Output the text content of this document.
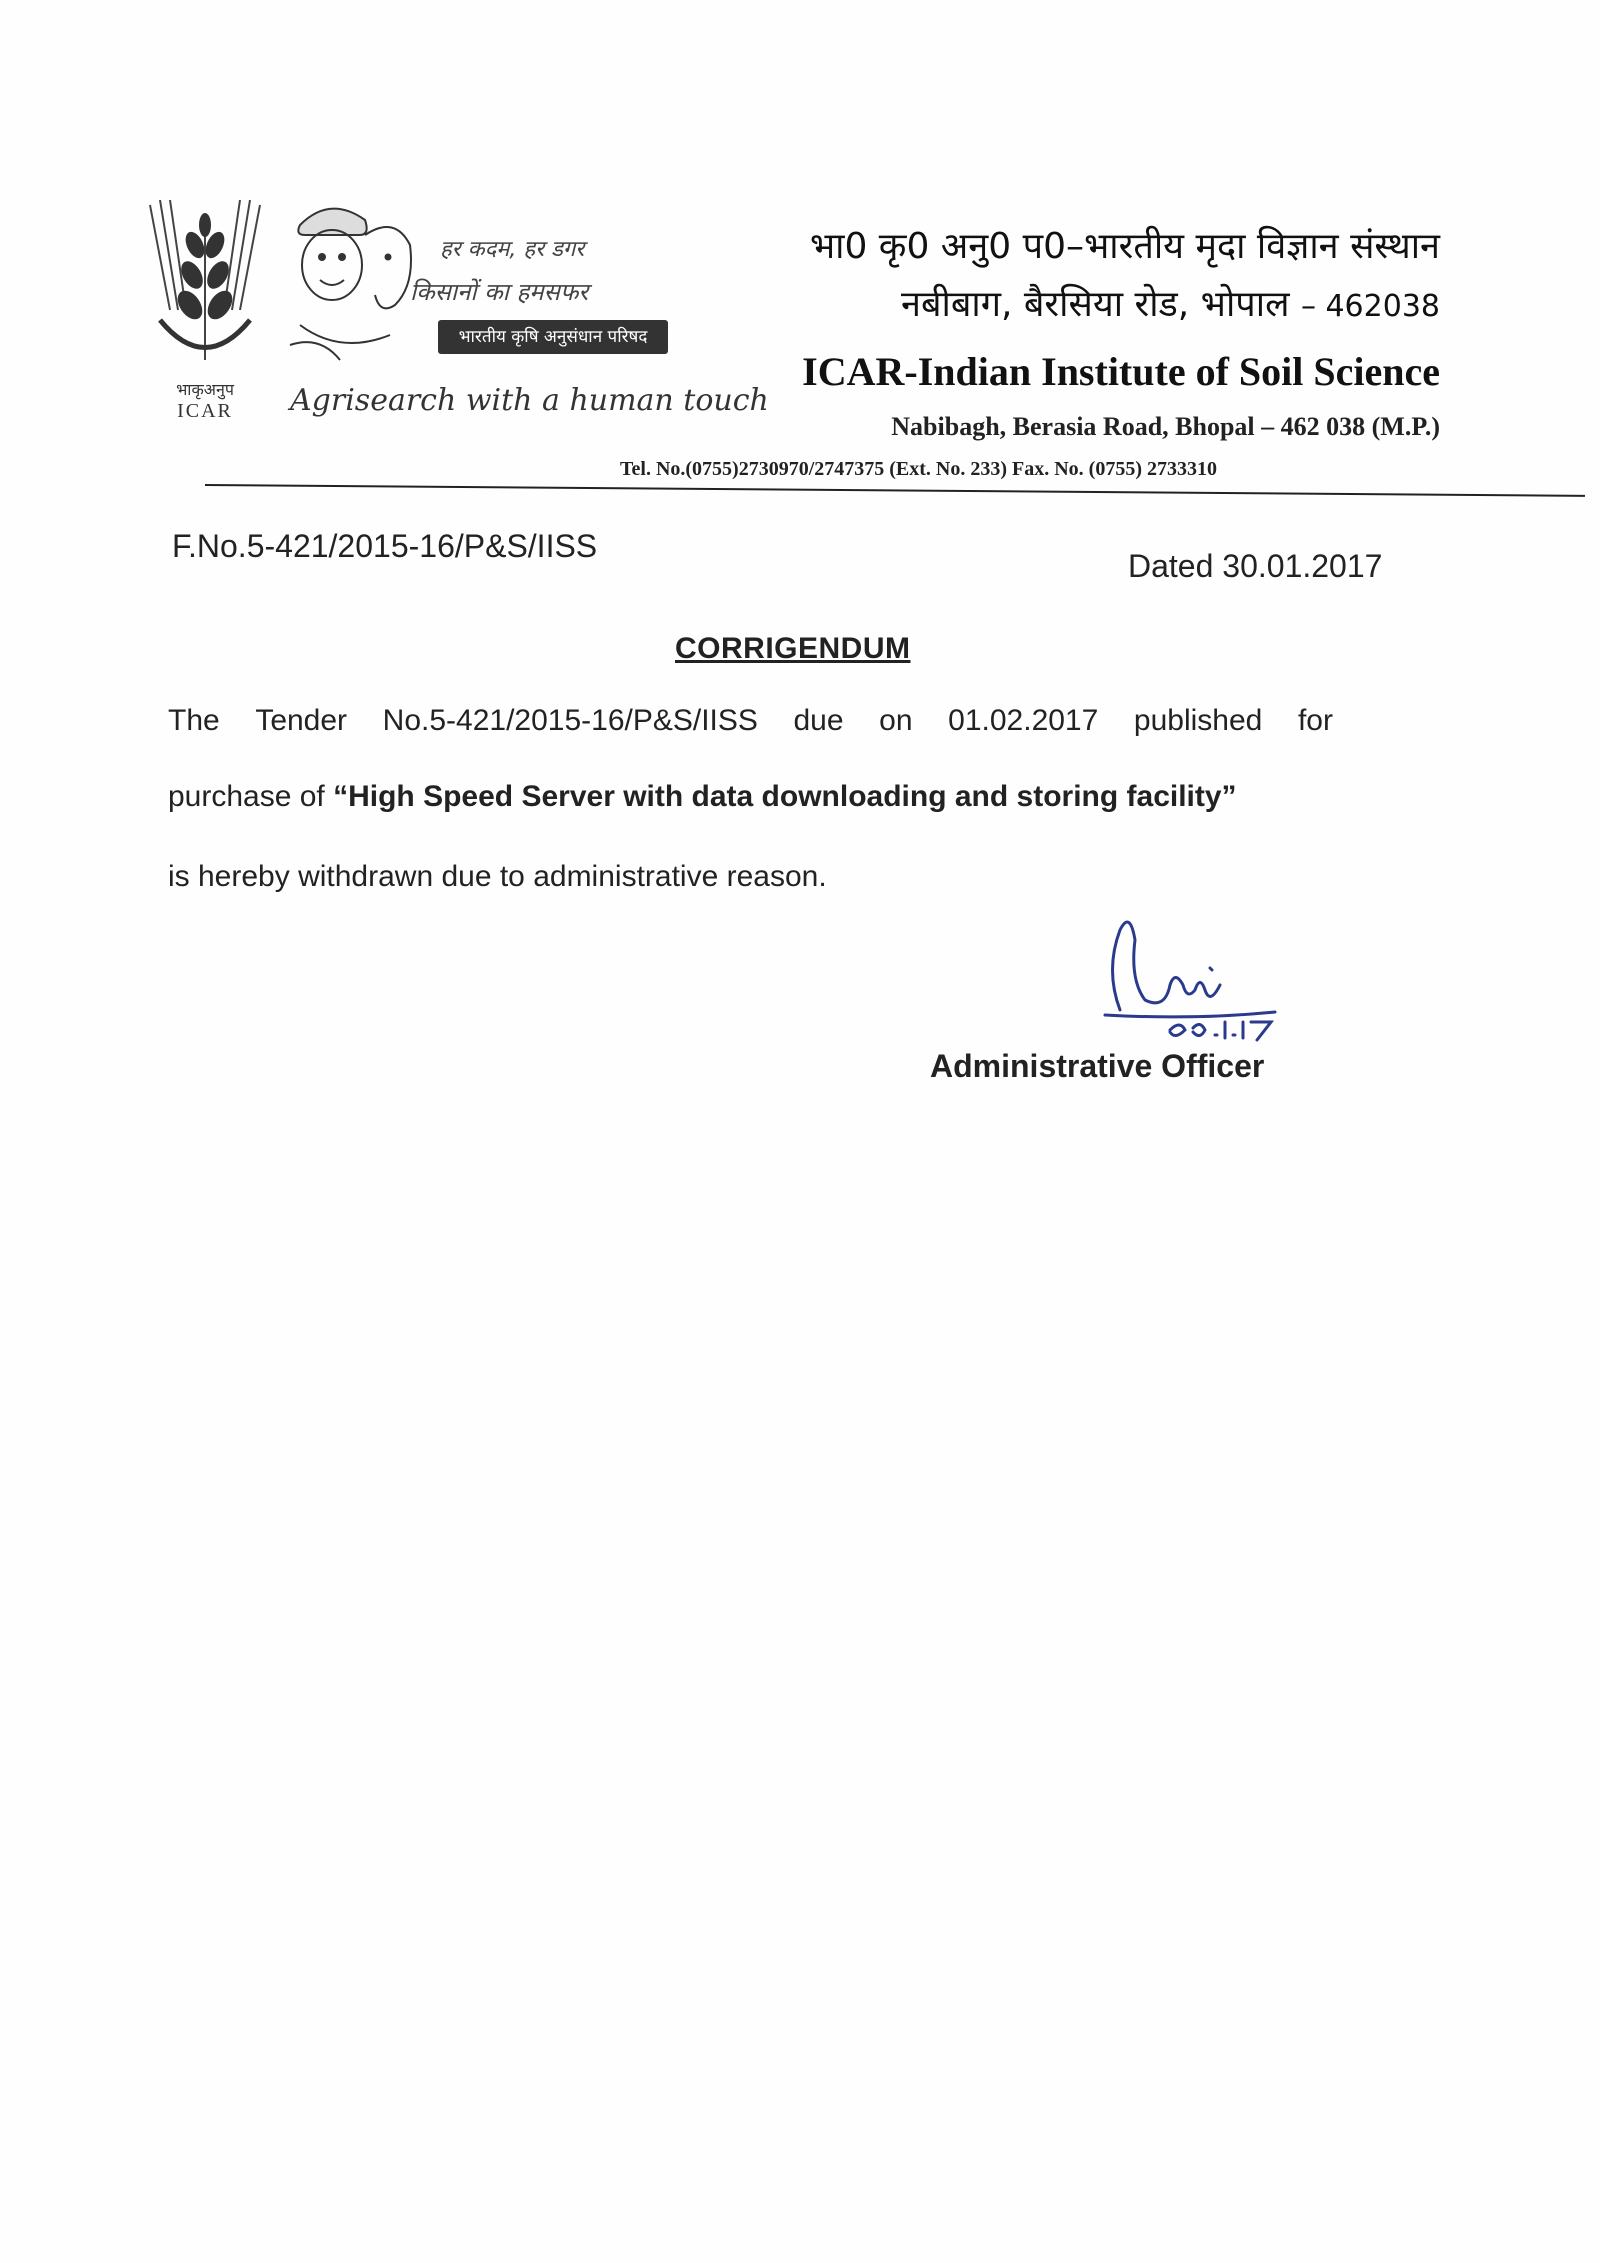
भाकृअनुप
ICAR
हर कदम, हर डगर
किसानों का हमसफर
भारतीय कृषि अनुसंधान परिषद
Agrisearch with a human touch
भा0 कृ0 अनु0 प0–भारतीय मृदा विज्ञान संस्थान
नबीबाग, बैरसिया रोड, भोपाल – 462038
ICAR-Indian Institute of Soil Science
Nabibagh, Berasia Road, Bhopal – 462 038 (M.P.)
Tel. No.(0755)2730970/2747375 (Ext. No. 233) Fax. No. (0755) 2733310
F.No.5-421/2015-16/P&S/IISS
Dated 30.01.2017
CORRIGENDUM
The Tender No.5-421/2015-16/P&S/IISS due on 01.02.2017 published for
purchase of “High Speed Server with data downloading and storing facility”
is hereby withdrawn due to administrative reason.
Administrative Officer
